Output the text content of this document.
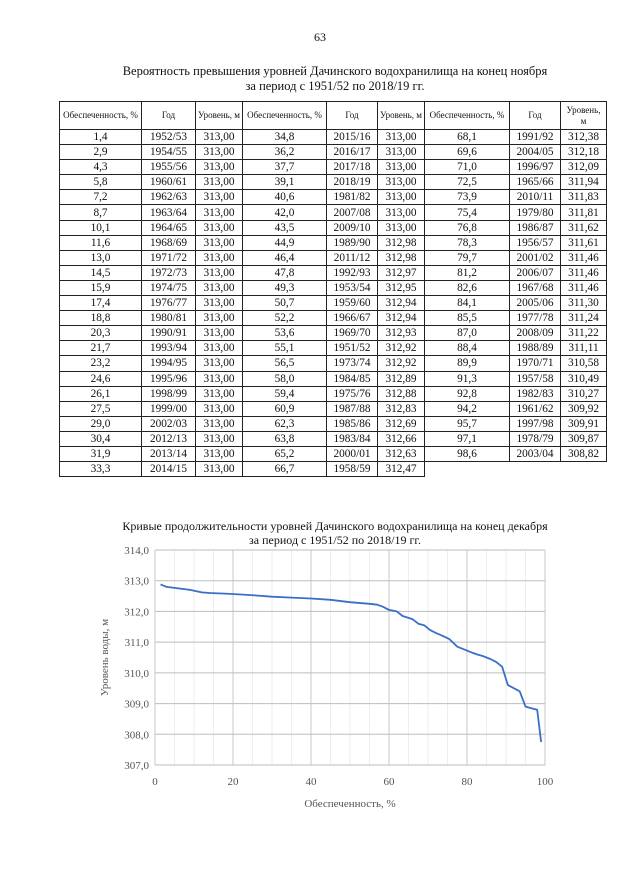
63
Вероятность превышения уровней Дачинского водохранилища на конец ноября
за период с 1951/52 по 2018/19 гг.
Обеспеченность, %	Год	Уровень, м	Обеспеченность, %	Год	Уровень, м	Обеспеченность, %	Год	Уровень, м
1,4	1952/53	313,00	34,8	2015/16	313,00	68,1	1991/92	312,38
2,9	1954/55	313,00	36,2	2016/17	313,00	69,6	2004/05	312,18
4,3	1955/56	313,00	37,7	2017/18	313,00	71,0	1996/97	312,09
5,8	1960/61	313,00	39,1	2018/19	313,00	72,5	1965/66	311,94
7,2	1962/63	313,00	40,6	1981/82	313,00	73,9	2010/11	311,83
8,7	1963/64	313,00	42,0	2007/08	313,00	75,4	1979/80	311,81
10,1	1964/65	313,00	43,5	2009/10	313,00	76,8	1986/87	311,62
11,6	1968/69	313,00	44,9	1989/90	312,98	78,3	1956/57	311,61
13,0	1971/72	313,00	46,4	2011/12	312,98	79,7	2001/02	311,46
14,5	1972/73	313,00	47,8	1992/93	312,97	81,2	2006/07	311,46
15,9	1974/75	313,00	49,3	1953/54	312,95	82,6	1967/68	311,46
17,4	1976/77	313,00	50,7	1959/60	312,94	84,1	2005/06	311,30
18,8	1980/81	313,00	52,2	1966/67	312,94	85,5	1977/78	311,24
20,3	1990/91	313,00	53,6	1969/70	312,93	87,0	2008/09	311,22
21,7	1993/94	313,00	55,1	1951/52	312,92	88,4	1988/89	311,11
23,2	1994/95	313,00	56,5	1973/74	312,92	89,9	1970/71	310,58
24,6	1995/96	313,00	58,0	1984/85	312,89	91,3	1957/58	310,49
26,1	1998/99	313,00	59,4	1975/76	312,88	92,8	1982/83	310,27
27,5	1999/00	313,00	60,9	1987/88	312,83	94,2	1961/62	309,92
29,0	2002/03	313,00	62,3	1985/86	312,69	95,7	1997/98	309,91
30,4	2012/13	313,00	63,8	1983/84	312,66	97,1	1978/79	309,87
31,9	2013/14	313,00	65,2	2000/01	312,63	98,6	2003/04	308,82
33,3	2014/15	313,00	66,7	1958/59	312,47			
Кривые продолжительности уровней Дачинского водохранилища на конец декабря
за период с 1951/52 по 2018/19 гг.
314,0
313,0
312,0
311,0
310,0
309,0
308,0
307,0
0	20	40	60	80	100
Обеспеченность, %
Уровень воды, м
